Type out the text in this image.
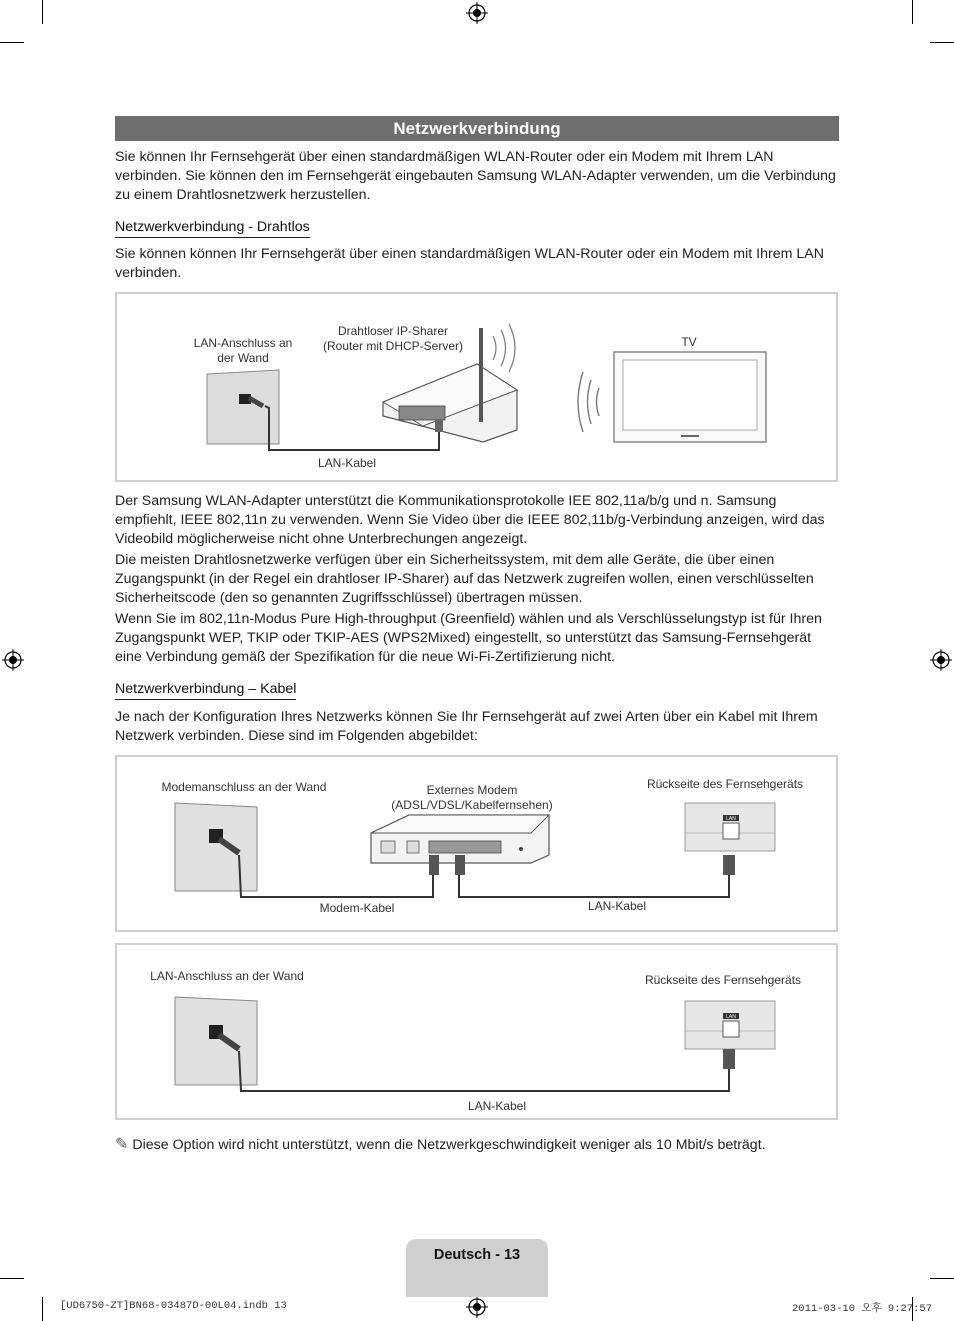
Netzwerkverbindung
Sie können Ihr Fernsehgerät über einen standardmäßigen WLAN-Router oder ein Modem mit Ihrem LAN verbinden. Sie können den im Fernsehgerät eingebauten Samsung WLAN-Adapter verwenden, um die Verbindung zu einem Drahtlosnetzwerk herzustellen.
Netzwerkverbindung - Drahtlos
Sie können können Ihr Fernsehgerät über einen standardmäßigen WLAN-Router oder ein Modem mit Ihrem LAN verbinden.
LAN-Anschluss an
der Wand
Drahtloser IP-Sharer
(Router mit DHCP-Server)	TV
LAN-Kabel
Der Samsung WLAN-Adapter unterstützt die Kommunikationsprotokolle IEE 802,11a/b/g und n. Samsung empfiehlt, IEEE 802,11n zu verwenden. Wenn Sie Video über die IEEE 802,11b/g-Verbindung anzeigen, wird das Videobild möglicherweise nicht ohne Unterbrechungen angezeigt.
Die meisten Drahtlosnetzwerke verfügen über ein Sicherheitssystem, mit dem alle Geräte, die über einen Zugangspunkt (in der Regel ein drahtloser IP-Sharer) auf das Netzwerk zugreifen wollen, einen verschlüsselten Sicherheitscode (den so genannten Zugriffsschlüssel) übertragen müssen.
Wenn Sie im 802,11n-Modus Pure High-throughput (Greenfield) wählen und als Verschlüsselungstyp ist für Ihren Zugangspunkt WEP, TKIP oder TKIP-AES (WPS2Mixed) eingestellt, so unterstützt das Samsung-Fernsehgerät eine Verbindung gemäß der Spezifikation für die neue Wi-Fi-Zertifizierung nicht.
Netzwerkverbindung – Kabel
Je nach der Konfiguration Ihres Netzwerks können Sie Ihr Fernsehgerät auf zwei Arten über ein Kabel mit Ihrem Netzwerk verbinden. Diese sind im Folgenden abgebildet:
Modemanschluss an der Wand	Externes Modem
(ADSL/VDSL/Kabelfernsehen)
Rückseite des Fernsehgeräts
Modem-Kabel	LAN-Kabel
LAN
LAN-Anschluss an der Wand	Rückseite des Fernsehgeräts
LAN-Kabel
LAN
✎ Diese Option wird nicht unterstützt, wenn die Netzwerkgeschwindigkeit weniger als 10 Mbit/s beträgt.
Deutsch - 13
[UD6750-ZT]BN68-03487D-00L04.indb 13	2011-03-10 오후 9:27:57
